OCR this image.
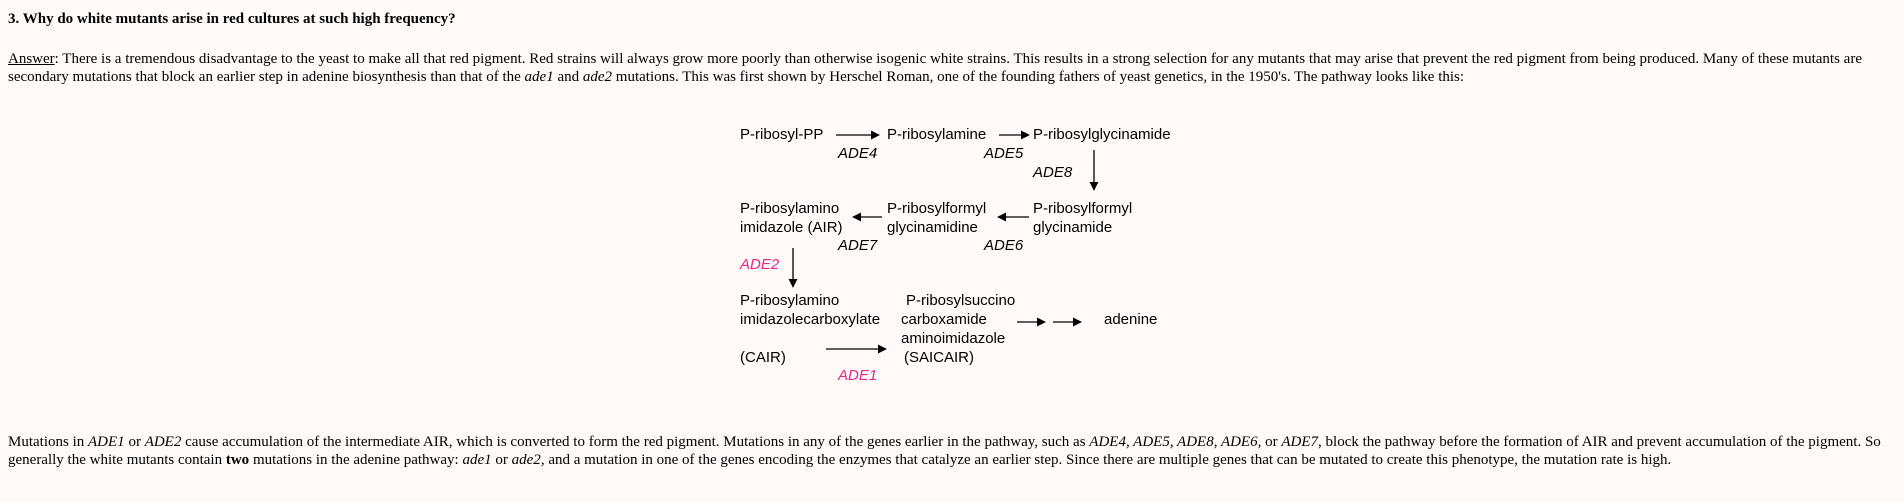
3. Why do white mutants arise in red cultures at such high frequency?
Answer: There is a tremendous disadvantage to the yeast to make all that red pigment. Red strains will always grow more poorly than otherwise isogenic white strains. This results in a strong selection for any mutants that may arise that prevent the red pigment from being produced. Many of these mutants are secondary mutations that block an earlier step in adenine biosynthesis than that of the ade1 and ade2 mutations. This was first shown by Herschel Roman, one of the founding fathers of yeast genetics, in the 1950's. The pathway looks like this:
P-ribosyl-PP	P-ribosylamine	P-ribosylglycinamide
ADE4	ADE5
ADE8
P-ribosylamino
imidazole (AIR)
P-ribosylformyl
glycinamidine
P-ribosylformyl
glycinamide
ADE7	ADE6
ADE2
P-ribosylamino
imidazolecarboxylate
(CAIR)
P-ribosylsuccino
carboxamide
aminoimidazole
(SAICAIR)
adenine
ADE1
Mutations in ADE1 or ADE2 cause accumulation of the intermediate AIR, which is converted to form the red pigment. Mutations in any of the genes earlier in the pathway, such as ADE4, ADE5, ADE8, ADE6, or ADE7, block the pathway before the formation of AIR and prevent accumulation of the pigment. So generally the white mutants contain two mutations in the adenine pathway: ade1 or ade2, and a mutation in one of the genes encoding the enzymes that catalyze an earlier step. Since there are multiple genes that can be mutated to create this phenotype, the mutation rate is high.
